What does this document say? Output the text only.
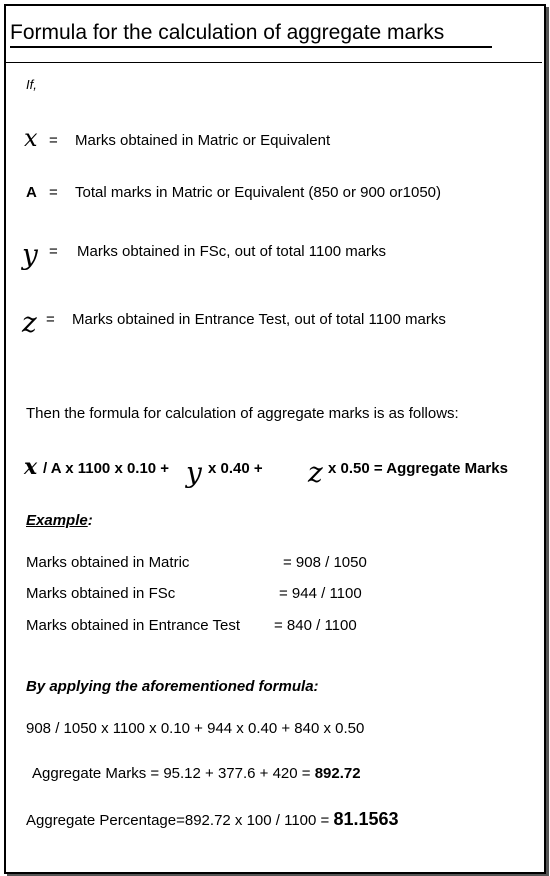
Formula for the calculation of aggregate marks
If,
x = Marks obtained in Matric or Equivalent
A = Total marks in Matric or Equivalent (850 or 900 or1050)
y = Marks obtained in FSc, out of total 1100 marks
z = Marks obtained in Entrance Test, out of total 1100 marks
Then the formula for calculation of aggregate marks is as follows:
x / A x 1100 x 0.10 + y x 0.40 + z x 0.50 = Aggregate Marks
Example:
Marks obtained in Matric	= 908 / 1050
Marks obtained in FSc	= 944 / 1100
Marks obtained in Entrance Test = 840 / 1100
By applying the aforementioned formula:
908 / 1050 x 1100 x 0.10 + 944 x 0.40 + 840 x 0.50
Aggregate Marks = 95.12 + 377.6 + 420 = 892.72
Aggregate Percentage=892.72 x 100 / 1100 = 81.1563
